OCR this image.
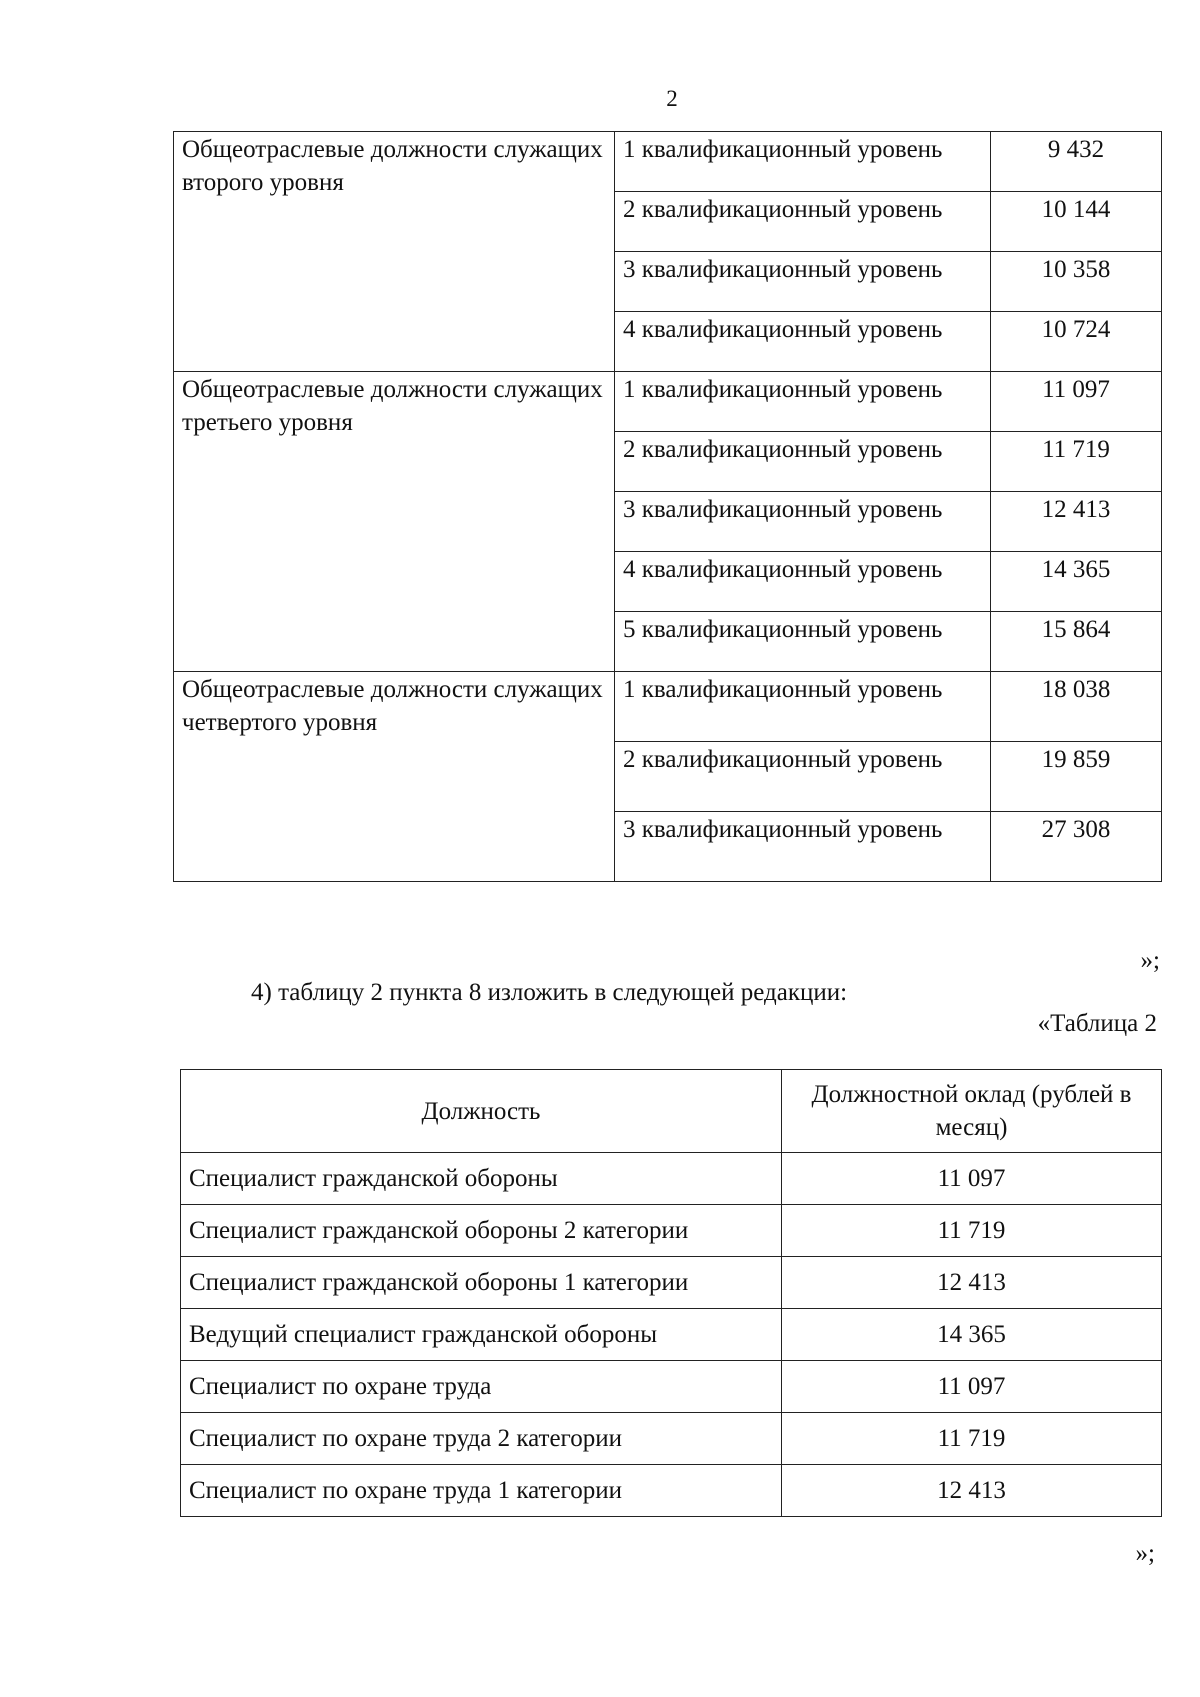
2
Общеотраслевые должности служащих второго уровня	1 квалификационный уровень	9 432
	2 квалификационный уровень	10 144
	3 квалификационный уровень	10 358
	4 квалификационный уровень	10 724
Общеотраслевые должности служащих третьего уровня	1 квалификационный уровень	11 097
	2 квалификационный уровень	11 719
	3 квалификационный уровень	12 413
	4 квалификационный уровень	14 365
	5 квалификационный уровень	15 864
Общеотраслевые должности служащих четвертого уровня	1 квалификационный уровень	18 038
	2 квалификационный уровень	19 859
	3 квалификационный уровень	27 308
»;
4) таблицу 2 пункта 8 изложить в следующей редакции:
«Таблица 2
Должность	Должностной оклад (рублей в месяц)
Специалист гражданской обороны	11 097
Специалист гражданской обороны 2 категории	11 719
Специалист гражданской обороны 1 категории	12 413
Ведущий специалист гражданской обороны	14 365
Специалист по охране труда	11 097
Специалист по охране труда 2 категории	11 719
Специалист по охране труда 1 категории	12 413
»;
